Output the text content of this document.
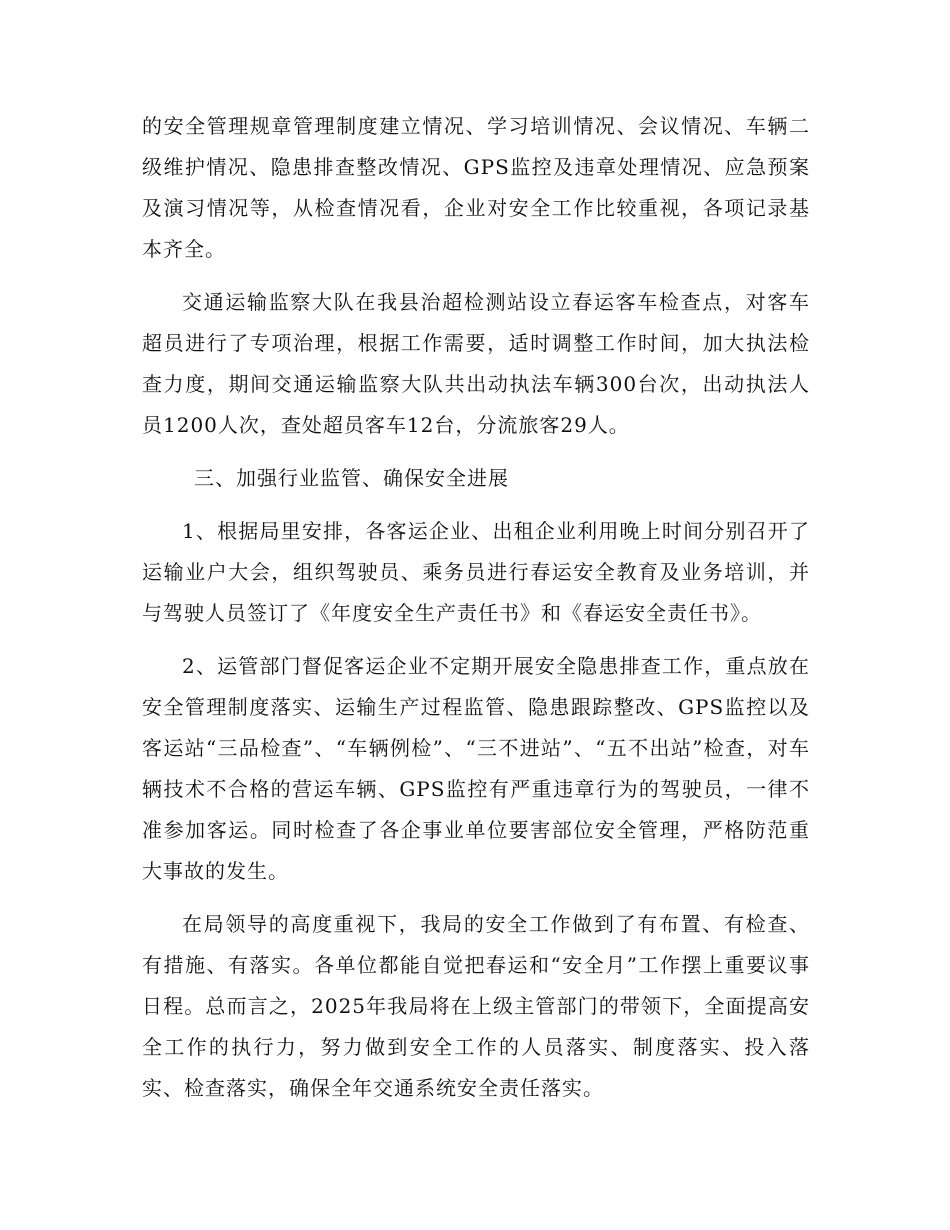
的安全管理规章管理制度建立情况、学习培训情况、会议情况、车辆二级维护情况、隐患排查整改情况、GPS监控及违章处理情况、应急预案及演习情况等，从检查情况看，企业对安全工作比较重视，各项记录基本齐全。

交通运输监察大队在我县治超检测站设立春运客车检查点，对客车超员进行了专项治理，根据工作需要，适时调整工作时间，加大执法检查力度，期间交通运输监察大队共出动执法车辆300台次，出动执法人员1200人次，查处超员客车12台，分流旅客29人。

三、加强行业监管、确保安全进展

1、根据局里安排，各客运企业、出租企业利用晚上时间分别召开了运输业户大会，组织驾驶员、乘务员进行春运安全教育及业务培训，并与驾驶人员签订了《年度安全生产责任书》和《春运安全责任书》。

2、运管部门督促客运企业不定期开展安全隐患排查工作，重点放在安全管理制度落实、运输生产过程监管、隐患跟踪整改、GPS监控以及客运站“三品检查”、“车辆例检”、“三不进站”、“五不出站”检查，对车辆技术不合格的营运车辆、GPS监控有严重违章行为的驾驶员，一律不准参加客运。同时检查了各企事业单位要害部位安全管理，严格防范重大事故的发生。

在局领导的高度重视下，我局的安全工作做到了有布置、有检查、有措施、有落实。各单位都能自觉把春运和“安全月”工作摆上重要议事日程。总而言之，2025年我局将在上级主管部门的带领下，全面提高安全工作的执行力，努力做到安全工作的人员落实、制度落实、投入落实、检查落实，确保全年交通系统安全责任落实。
